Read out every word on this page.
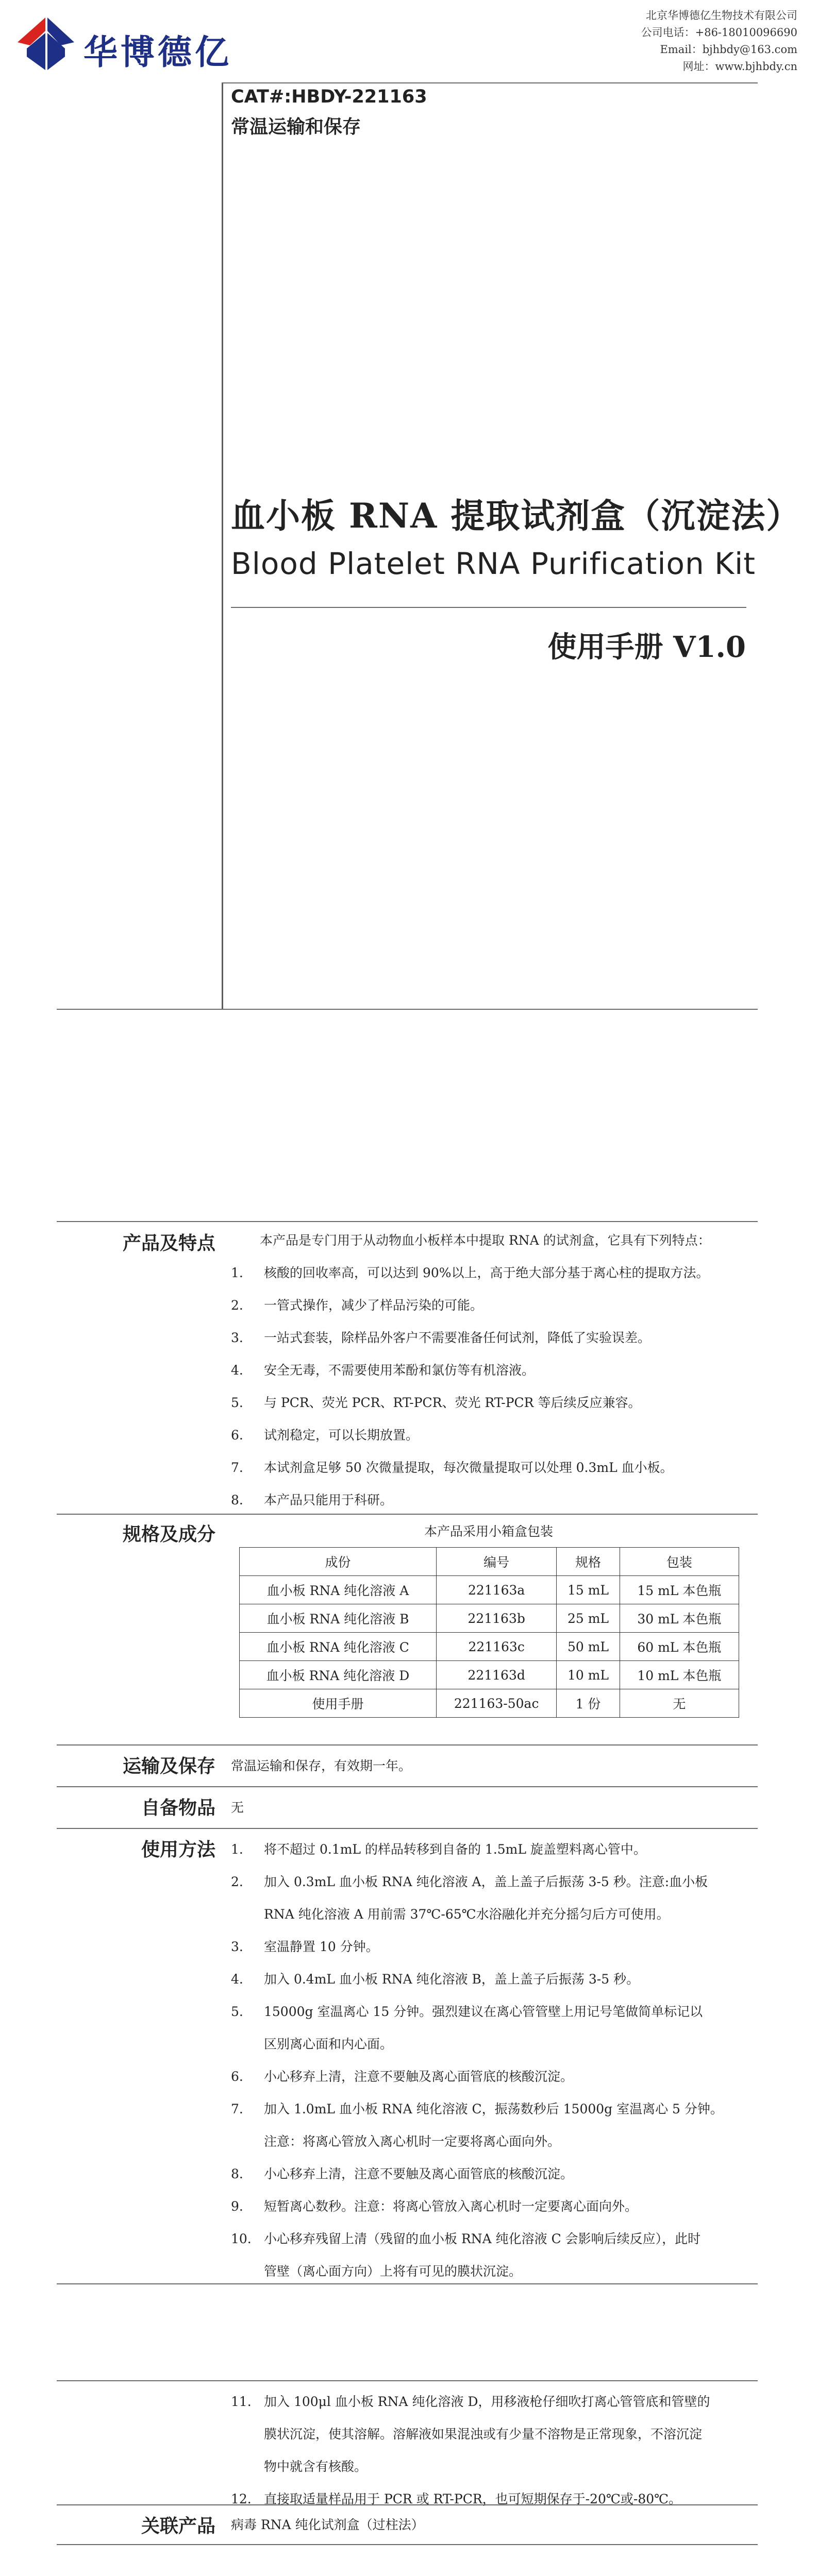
华博德亿
北京华博德亿生物技术有限公司
公司电话：+86-18010096690
Email：bjhbdy@163.com
网址：www.bjhbdy.cn
CAT#:HBDY-221163
常温运输和保存
血小板 RNA 提取试剂盒（沉淀法）
Blood Platelet RNA Purification Kit
使用手册 V1.0
产品及特点	本产品是专门用于从动物血小板样本中提取 RNA 的试剂盒，它具有下列特点：

1. 核酸的回收率高，可以达到 90%以上，高于绝大部分基于离心柱的提取方法。

2. 一管式操作，减少了样品污染的可能。

3. 一站式套装，除样品外客户不需要准备任何试剂，降低了实验误差。

4. 安全无毒，不需要使用苯酚和氯仿等有机溶液。

5. 与 PCR、荧光 PCR、RT-PCR、荧光 RT-PCR 等后续反应兼容。

6. 试剂稳定，可以长期放置。

7. 本试剂盒足够 50 次微量提取，每次微量提取可以处理 0.3mL 血小板。

8. 本产品只能用于科研。

规格及成分	本产品采用小箱盒包装
成份	编号	规格	包装
血小板 RNA 纯化溶液 A	221163a	15 mL	15 mL 本色瓶
血小板 RNA 纯化溶液 B	221163b	25 mL	30 mL 本色瓶
血小板 RNA 纯化溶液 C	221163c	50 mL	60 mL 本色瓶
血小板 RNA 纯化溶液 D	221163d	10 mL	10 mL 本色瓶
使用手册	221163-50ac	1 份	无
运输及保存 常温运输和保存，有效期一年。

自备物品 无

使用方法 1. 将不超过 0.1mL 的样品转移到自备的 1.5mL 旋盖塑料离心管中。

2. 加入 0.3mL 血小板 RNA 纯化溶液 A，盖上盖子后振荡 3-5 秒。注意:血小板
RNA 纯化溶液 A 用前需 37℃-65℃水浴融化并充分摇匀后方可使用。

3. 室温静置 10 分钟。

4. 加入 0.4mL 血小板 RNA 纯化溶液 B，盖上盖子后振荡 3-5 秒。

5. 15000g 室温离心 15 分钟。强烈建议在离心管管壁上用记号笔做简单标记以
区别离心面和内心面。

6. 小心移弃上清，注意不要触及离心面管底的核酸沉淀。

7. 加入 1.0mL 血小板 RNA 纯化溶液 C，振荡数秒后 15000g 室温离心 5 分钟。
注意：将离心管放入离心机时一定要将离心面向外。

8. 小心移弃上清，注意不要触及离心面管底的核酸沉淀。

9. 短暂离心数秒。注意：将离心管放入离心机时一定要离心面向外。

10. 小心移弃残留上清（残留的血小板 RNA 纯化溶液 C 会影响后续反应），此时
管壁（离心面方向）上将有可见的膜状沉淀。

11. 加入 100μl 血小板 RNA 纯化溶液 D，用移液枪仔细吹打离心管管底和管壁的
膜状沉淀，使其溶解。溶解液如果混浊或有少量不溶物是正常现象，不溶沉淀
物中就含有核酸。

12. 直接取适量样品用于 PCR 或 RT-PCR，也可短期保存于-20℃或-80℃。

关联产品 病毒 RNA 纯化试剂盒（过柱法）
